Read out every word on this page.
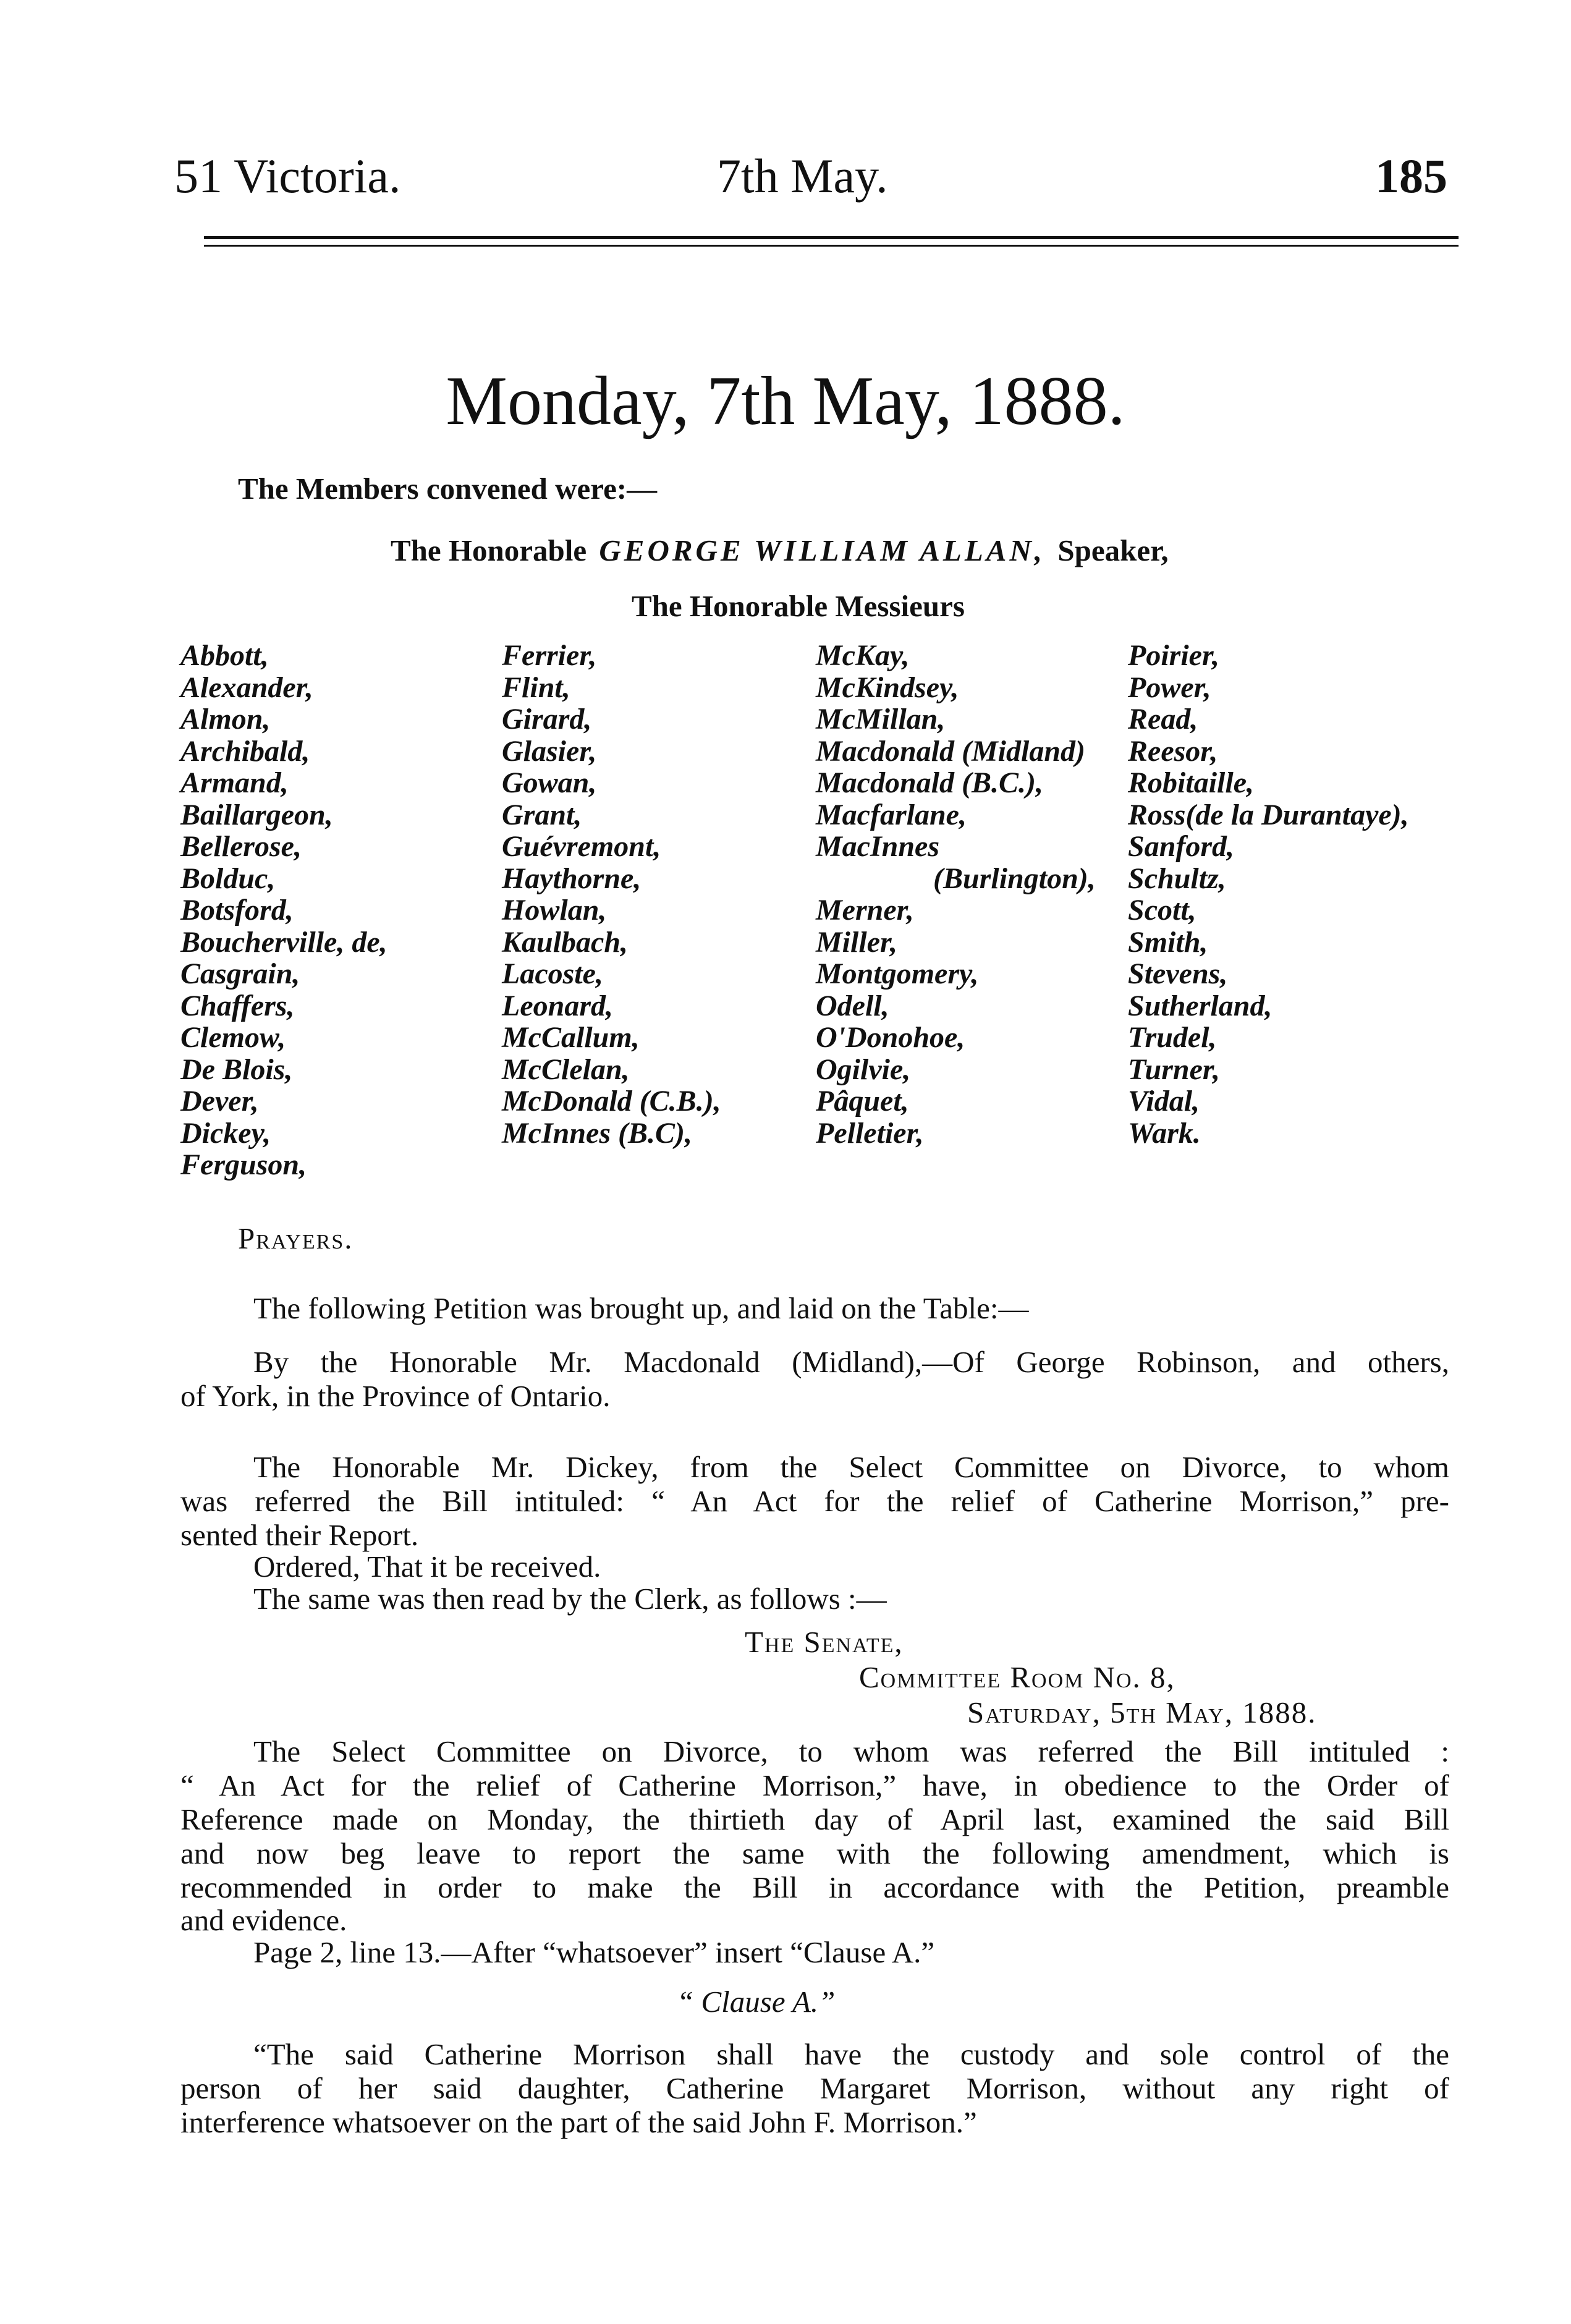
51 Victoria.	7th May.	185
Monday, 7th May, 1888.
The Members convened were:—
The Honorable GEORGE WILLIAM ALLAN, Speaker,
The Honorable Messieurs
Abbott,
Alexander,
Almon,
Archibald,
Armand,
Baillargeon,
Bellerose,
Bolduc,
Botsford,
Boucherville, de,
Casgrain,
Chaffers,
Clemow,
De Blois,
Dever,
Dickey,
Ferguson,
Ferrier,
Flint,
Girard,
Glasier,
Gowan,
Grant,
Guévremont,
Haythorne,
Howlan,
Kaulbach,
Lacoste,
Leonard,
McCallum,
McClelan,
McDonald (C.B.),
McInnes (B.C),
McKay,
McKindsey,
McMillan,
Macdonald (Midland)
Macdonald (B.C.),
Macfarlane,
MacInnes
(Burlington),
Merner,
Miller,
Montgomery,
Odell,
O'Donohoe,
Ogilvie,
Pâquet,
Pelletier,
Poirier,
Power,
Read,
Reesor,
Robitaille,
Ross(de la Durantaye),
Sanford,
Schultz,
Scott,
Smith,
Stevens,
Sutherland,
Trudel,
Turner,
Vidal,
Wark.
Prayers.
The following Petition was brought up, and laid on the Table:—
By the Honorable Mr. Macdonald (Midland),—Of George Robinson, and others,
of York, in the Province of Ontario.
The Honorable Mr. Dickey, from the Select Committee on Divorce, to whom
was referred the Bill intituled: “ An Act for the relief of Catherine Morrison,” pre-
sented their Report.
Ordered, That it be received.
The same was then read by the Clerk, as follows :—
The Senate,
Committee Room No. 8,
Saturday, 5th May, 1888.
The Select Committee on Divorce, to whom was referred the Bill intituled :
“ An Act for the relief of Catherine Morrison,” have, in obedience to the Order of
Reference made on Monday, the thirtieth day of April last, examined the said Bill
and now beg leave to report the same with the following amendment, which is
recommended in order to make the Bill in accordance with the Petition, preamble
and evidence.
Page 2, line 13.—After “whatsoever” insert “Clause A.”
“ Clause A.”
“The said Catherine Morrison shall have the custody and sole control of the
person of her said daughter, Catherine Margaret Morrison, without any right of
interference whatsoever on the part of the said John F. Morrison.”
